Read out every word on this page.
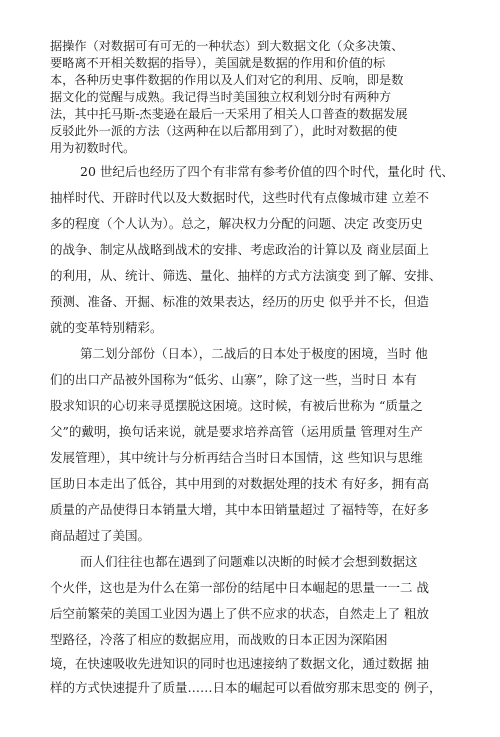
据操作（对数据可有可无的一种状态）到大数据文化（众多决策、
要略离不开相关数据的指导），美国就是数据的作用和价值的标
本，各种历史事件数据的作用以及人们对它的利用、反响，即是数
据文化的觉醒与成熟。我记得当时美国独立权利划分时有两种方
法，其中托马斯-杰斐逊在最后一天采用了相关人口普查的数据发展
反驳此外一派的方法（这两种在以后都用到了），此时对数据的使
用为初数时代。
20 世纪后也经历了四个有非常有参考价值的四个时代，量化时 代、
抽样时代、开辟时代以及大数据时代，这些时代有点像城市建 立差不
多的程度（个人认为）。总之，解决权力分配的问题、决定 改变历史
的战争、制定从战略到战术的安排、考虑政治的计算以及 商业层面上
的利用，从、统计、筛选、量化、抽样的方式方法演变 到了解、安排、
预测、准备、开掘、标准的效果表达，经历的历史 似乎并不长，但造
就的变革特别精彩。
第二划分部份（日本），二战后的日本处于极度的困境，当时 他
们的出口产品被外国称为“低劣、山寨”，除了这一些，当时日 本有
股求知识的心切来寻觅摆脱这困境。这时候，有被后世称为 “质量之
父”的戴明，换句话来说，就是要求培养高管（运用质量 管理对生产
发展管理），其中统计与分析再结合当时日本国情，这 些知识与思维
匡助日本走出了低谷，其中用到的对数据处理的技术 有好多，拥有高
质量的产品使得日本销量大增，其中本田销量超过 了福特等，在好多
商品超过了美国。
而人们往往也都在遇到了问题难以决断的时候才会想到数据这
个火伴，这也是为什么在第一部份的结尾中日本崛起的思量一一二 战
后空前繁荣的美国工业因为遇上了供不应求的状态，自然走上了 粗放
型路径，冷落了相应的数据应用，而战败的日本正因为深陷困
境，在快速吸收先进知识的同时也迅速接纳了数据文化，通过数据 抽
样的方式快速提升了质量……日本的崛起可以看做穷那末思变的 例子，
